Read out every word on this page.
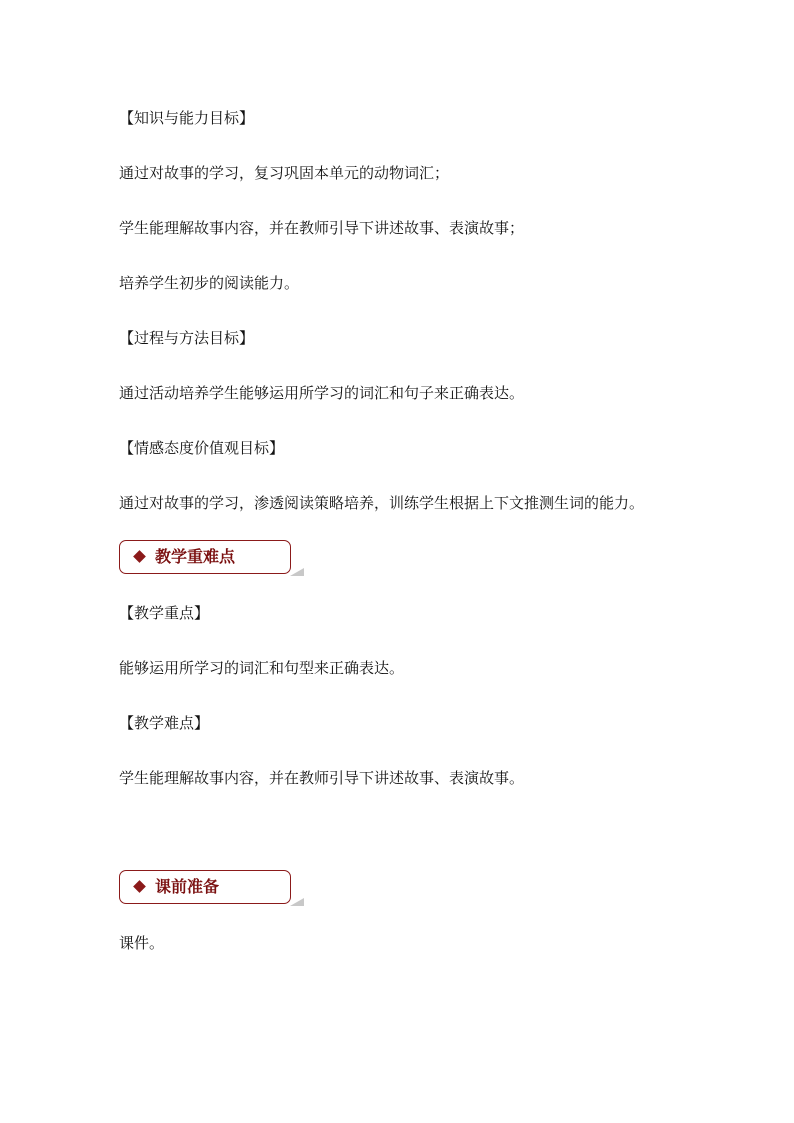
【知识与能力目标】
通过对故事的学习，复习巩固本单元的动物词汇；
学生能理解故事内容，并在教师引导下讲述故事、表演故事；
培养学生初步的阅读能力。
【过程与方法目标】
通过活动培养学生能够运用所学习的词汇和句子来正确表达。
【情感态度价值观目标】
通过对故事的学习，渗透阅读策略培养，训练学生根据上下文推测生词的能力。
教学重难点
【教学重点】
能够运用所学习的词汇和句型来正确表达。
【教学难点】
学生能理解故事内容，并在教师引导下讲述故事、表演故事。
课前准备
课件。
